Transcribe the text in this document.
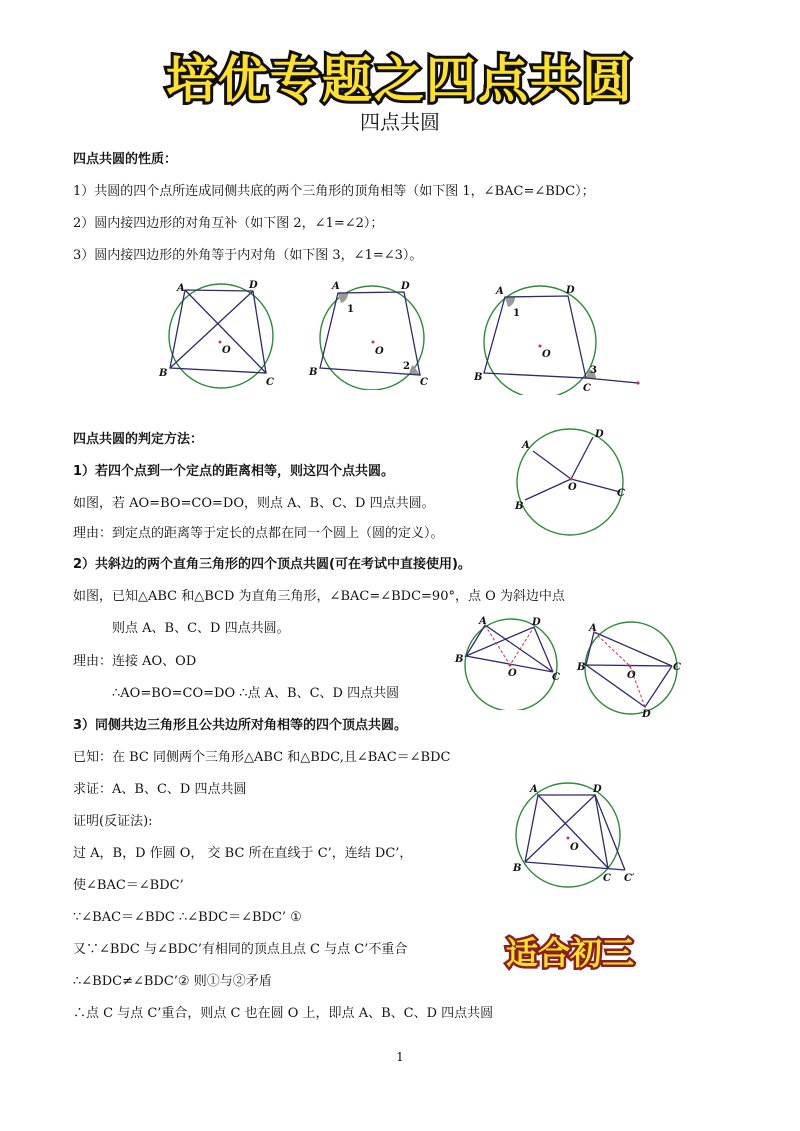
培优专题之四点共圆
四点共圆
四点共圆的性质：
1）共圆的四个点所连成同侧共底的两个三角形的顶角相等（如下图 1，∠BAC=∠BDC）；
2）圆内接四边形的对角互补（如下图 2，∠1=∠2）；
3）圆内接四边形的外角等于内对角（如下图 3，∠1=∠3）。
A	D
B
C
O
A	D
B
C
O
1
2
A	D
B
C
O
1
3
四点共圆的判定方法：
1）若四个点到一个定点的距离相等，则这四个点共圆。
如图，若 AO=BO=CO=DO，则点 A、B、C、D 四点共圆。
理由：到定点的距离等于定长的点都在同一个圆上（圆的定义）。
A
D
B
C
O
2）共斜边的两个直角三角形的四个顶点共圆(可在考试中直接使用)。
如图，已知△ABC 和△BCD 为直角三角形，∠BAC=∠BDC=90°，点 O 为斜边中点
则点 A、B、C、D 四点共圆。
理由：连接 AO、OD
∴AO=BO=CO=DO ∴点 A、B、C、D 四点共圆
A	D
B
C
O
A
B	C
D
O
3）同侧共边三角形且公共边所对角相等的四个顶点共圆。
已知：在 BC 同侧两个三角形△ABC 和△BDC,且∠BAC＝∠BDC
求证：A、B、C、D 四点共圆
证明(反证法):
过 A，B，D 作圆 O， 交 BC 所在直线于 C’，连结 DC’，
使∠BAC＝∠BDC’
∵∠BAC＝∠BDC ∴∠BDC＝∠BDC’ ①
又∵∠BDC 与∠BDC’有相同的顶点且点 C 与点 C’不重合
∴∠BDC≠∠BDC’② 则①与②矛盾
∴点 C 与点 C’重合，则点 C 也在圆 O 上，即点 A、B、C、D 四点共圆
A	D
B
C C′
O
适合初三
1
